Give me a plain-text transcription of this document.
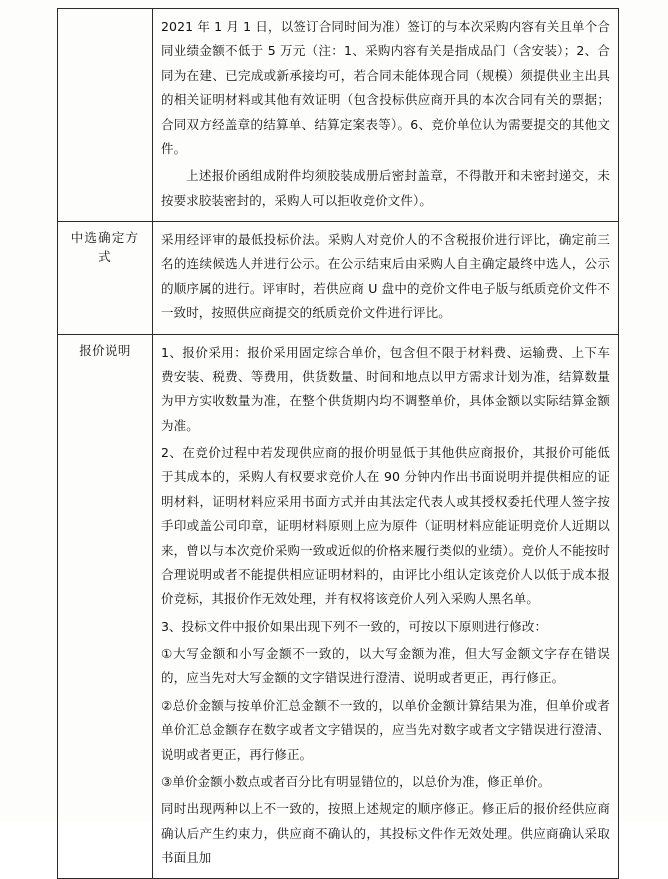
	2021 年 1 月 1 日，以签订合同时间为准）签订的与本次采购内容有关且单个合同业绩金额不低于 5 万元（注：1、采购内容有关是指成品门（含安装）；2、合同为在建、已完成或新承接均可，若合同未能体现合同（规模）须提供业主出具的相关证明材料或其他有效证明（包含投标供应商开具的本次合同有关的票据；合同双方经盖章的结算单、结算定案表等）。6、竞价单位认为需要提交的其他文件。

上述报价函组成附件均须胶装成册后密封盖章，不得散开和未密封递交，未按要求胶装密封的，采购人可以拒收竞价文件）。

中选确定方
式	采用经评审的最低投标价法。采购人对竞价人的不含税报价进行评比，确定前三名的连续候选人并进行公示。在公示结束后由采购人自主确定最终中选人，公示的顺序属的进行。评审时，若供应商 U 盘中的竞价文件电子版与纸质竞价文件不一致时，按照供应商提交的纸质竞价文件进行评比。

报价说明	1、报价采用：报价采用固定综合单价，包含但不限于材料费、运输费、上下车费安装、税费、等费用，供货数量、时间和地点以甲方需求计划为准，结算数量为甲方实收数量为准，在整个供货期内均不调整单价，具体金额以实际结算金额为准。

2、在竞价过程中若发现供应商的报价明显低于其他供应商报价，其报价可能低于其成本的，采购人有权要求竞价人在 90 分钟内作出书面说明并提供相应的证明材料，证明材料应采用书面方式并由其法定代表人或其授权委托代理人签字按手印或盖公司印章，证明材料原则上应为原件（证明材料应能证明竞价人近期以来，曾以与本次竞价采购一致或近似的价格来履行类似的业绩）。竞价人不能按时合理说明或者不能提供相应证明材料的，由评比小组认定该竞价人以低于成本报价竞标，其报价作无效处理，并有权将该竞价人列入采购人黑名单。

3、投标文件中报价如果出现下列不一致的，可按以下原则进行修改：

①大写金额和小写金额不一致的，以大写金额为准，但大写金额文字存在错误的，应当先对大写金额的文字错误进行澄清、说明或者更正，再行修正。

②总价金额与按单价汇总金额不一致的，以单价金额计算结果为准，但单价或者单价汇总金额存在数字或者文字错误的，应当先对数字或者文字错误进行澄清、说明或者更正，再行修正。

③单价金额小数点或者百分比有明显错位的，以总价为准，修正单价。

同时出现两种以上不一致的，按照上述规定的顺序修正。修正后的报价经供应商确认后产生约束力，供应商不确认的，其投标文件作无效处理。供应商确认采取书面且加
